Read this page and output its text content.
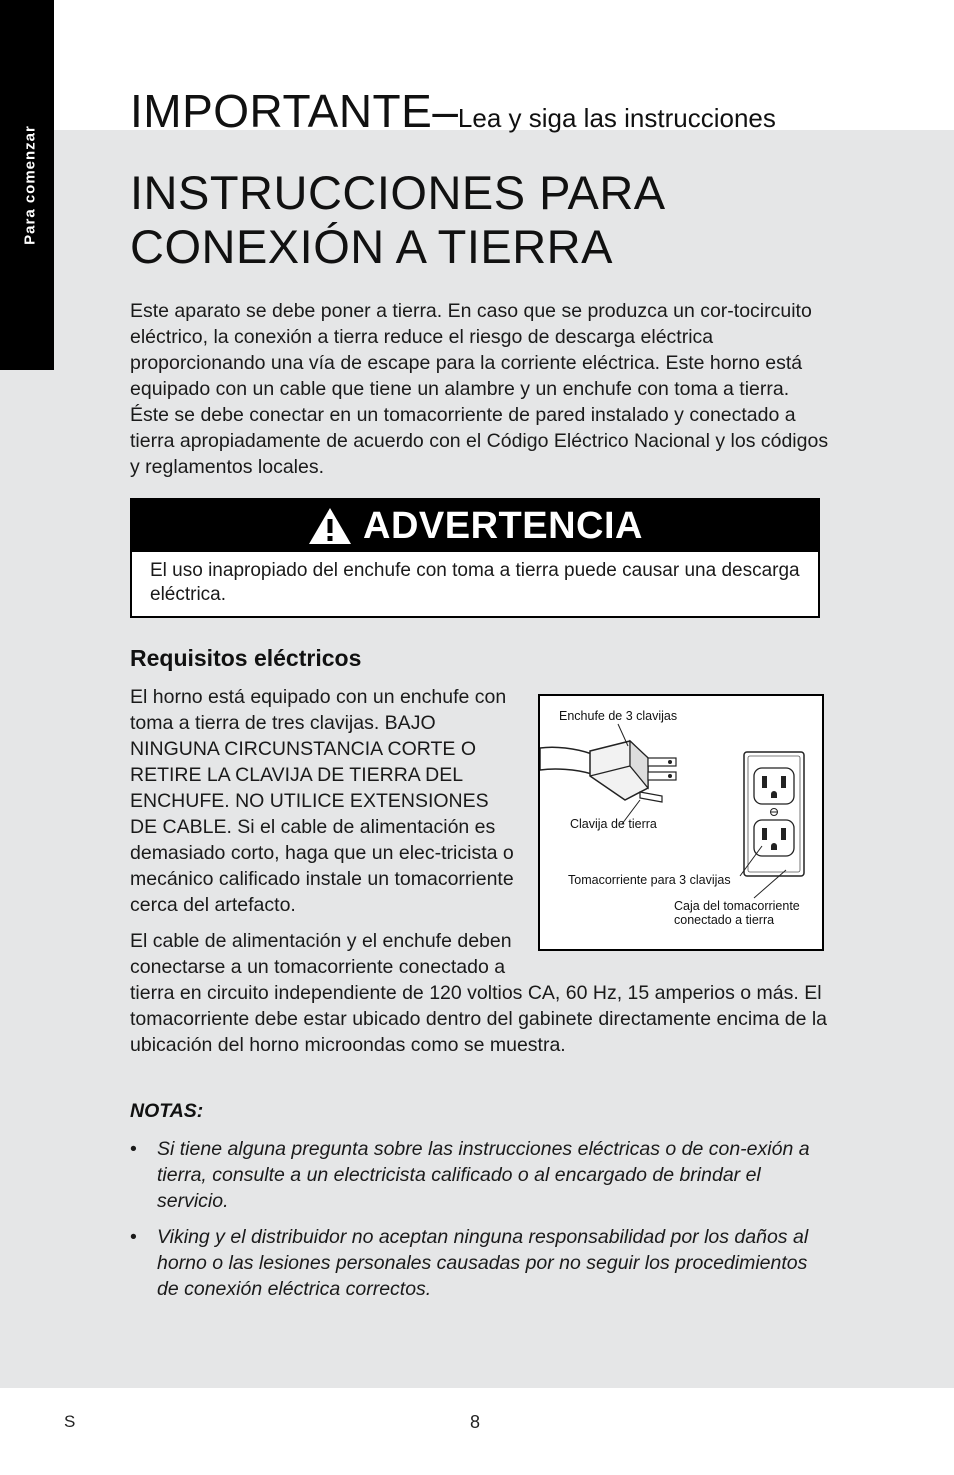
Para comenzar
IMPORTANTE–Lea y siga las instrucciones
INSTRUCCIONES PARA
CONEXIÓN A TIERRA
Este aparato se debe poner a tierra. En caso que se produzca un cor-tocircuito eléctrico, la conexión a tierra reduce el riesgo de descarga eléctrica proporcionando una vía de escape para la corriente eléctrica. Este horno está equipado con un cable que tiene un alambre y un enchufe con toma a tierra. Éste se debe conectar en un tomacorriente de pared instalado y conectado a tierra apropiadamente de acuerdo con el Código Eléctrico Nacional y los códigos y reglamentos locales.
ADVERTENCIA
El uso inapropiado del enchufe con toma a tierra puede causar una descarga eléctrica.
Requisitos eléctricos
Enchufe de 3 clavijas
Clavija de tierra
Tomacorriente para 3 clavijas
Caja del tomacorriente
conectado a tierra

El horno está equipado con un enchufe con toma a tierra de tres clavijas. BAJO NINGUNA CIRCUNSTANCIA CORTE O RETIRE LA CLAVIJA DE TIERRA DEL ENCHUFE. NO UTILICE EXTENSIONES DE CABLE. Si el cable de alimentación es demasiado corto, haga que un elec-tricista o mecánico calificado instale un tomacorriente cerca del artefacto.

El cable de alimentación y el enchufe deben conectarse a un tomacorriente conectado a tierra en circuito independiente de 120 voltios CA, 60 Hz, 15 amperios o más. El tomacorriente debe estar ubicado dentro del gabinete directamente encima de la ubicación del horno microondas como se muestra.

NOTAS:
• Si tiene alguna pregunta sobre las instrucciones eléctricas o de con-exión a tierra, consulte a un electricista calificado o al encargado de brindar el servicio.
• Viking y el distribuidor no aceptan ninguna responsabilidad por los daños al horno o las lesiones personales causadas por no seguir los procedimientos de conexión eléctrica correctos.
S	8
